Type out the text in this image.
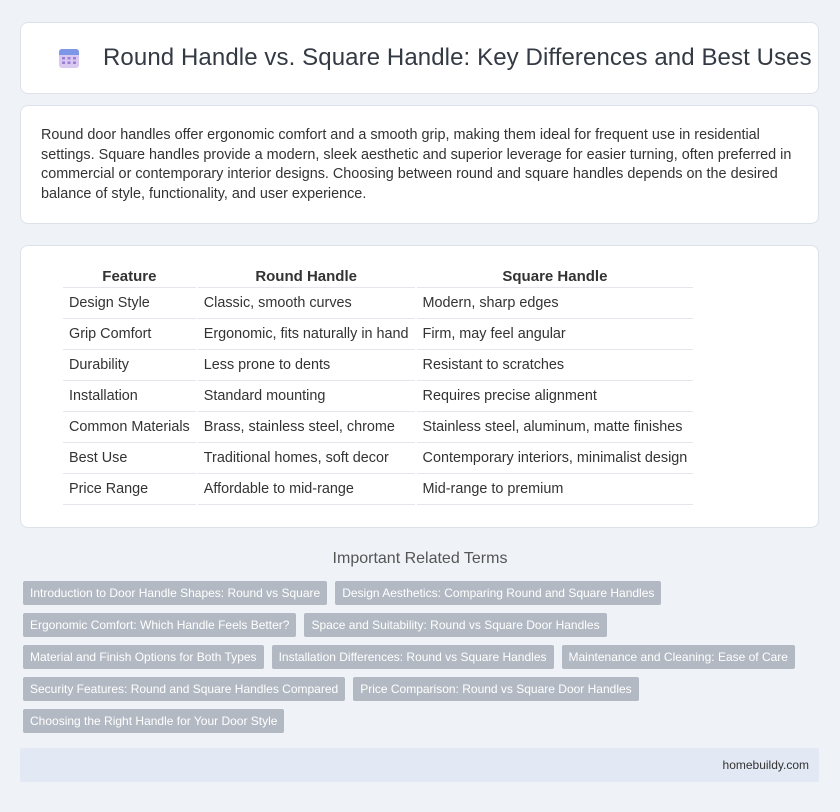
Round Handle vs. Square Handle: Key Differences and Best Uses

Round door handles offer ergonomic comfort and a smooth grip, making them ideal for frequent use in residential settings. Square handles provide a modern, sleek aesthetic and superior leverage for easier turning, often preferred in commercial or contemporary interior designs. Choosing between round and square handles depends on the desired balance of style, functionality, and user experience.

Feature	Round Handle	Square Handle
Design Style	Classic, smooth curves	Modern, sharp edges
Grip Comfort	Ergonomic, fits naturally in hand	Firm, may feel angular
Durability	Less prone to dents	Resistant to scratches
Installation	Standard mounting	Requires precise alignment
Common Materials	Brass, stainless steel, chrome	Stainless steel, aluminum, matte finishes
Best Use	Traditional homes, soft decor	Contemporary interiors, minimalist design
Price Range	Affordable to mid-range	Mid-range to premium
Important Related Terms
Introduction to Door Handle Shapes: Round vs Square	Design Aesthetics: Comparing Round and Square Handles
Ergonomic Comfort: Which Handle Feels Better?	Space and Suitability: Round vs Square Door Handles
Material and Finish Options for Both Types	Installation Differences: Round vs Square Handles	Maintenance and Cleaning: Ease of Care
Security Features: Round and Square Handles Compared	Price Comparison: Round vs Square Door Handles
Choosing the Right Handle for Your Door Style
homebuildy.com
